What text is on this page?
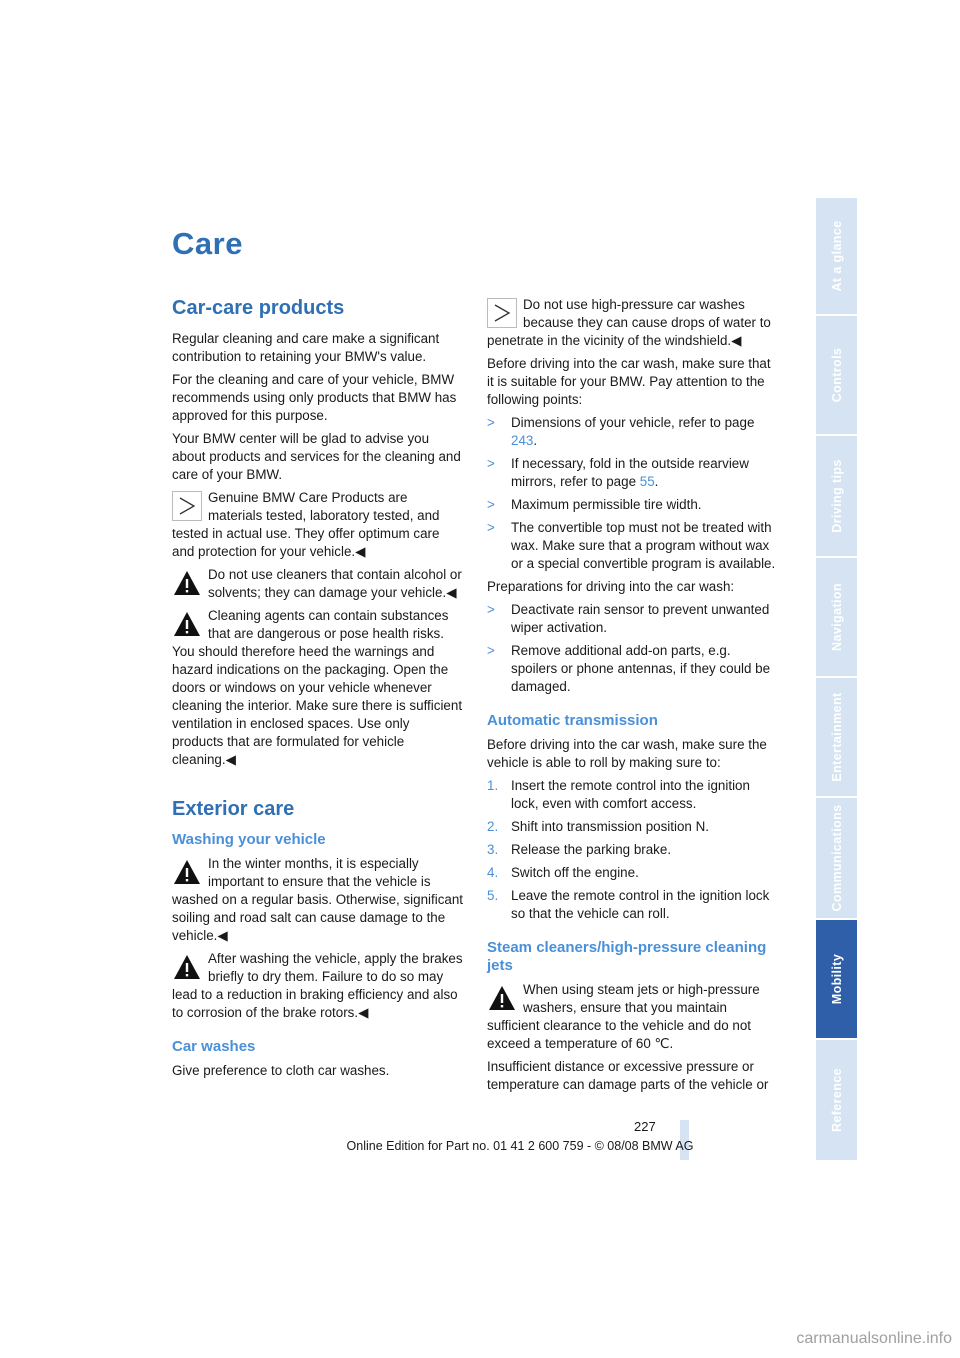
Care
Car-care products

Regular cleaning and care make a significant contribution to retaining your BMW's value.

For the cleaning and care of your vehicle, BMW recommends using only products that BMW has approved for this purpose.

Your BMW center will be glad to advise you about products and services for the cleaning and care of your BMW.

Genuine BMW Care Products are materials tested, laboratory tested, and tested in actual use. They offer optimum care and protection for your vehicle.◀
Do not use cleaners that contain alcohol or solvents; they can damage your vehicle.◀
Cleaning agents can contain substances that are dangerous or pose health risks. You should therefore heed the warnings and hazard indications on the packaging. Open the doors or windows on your vehicle whenever cleaning the interior. Make sure there is sufficient ventilation in enclosed spaces. Use only products that are formulated for vehicle cleaning.◀
Exterior care
Washing your vehicle
In the winter months, it is especially important to ensure that the vehicle is washed on a regular basis. Otherwise, significant soiling and road salt can cause damage to the vehicle.◀
After washing the vehicle, apply the brakes briefly to dry them. Failure to do so may lead to a reduction in braking efficiency and also to corrosion of the brake rotors.◀
Car washes

Give preference to cloth car washes.

Do not use high-pressure car washes because they can cause drops of water to penetrate in the vicinity of the windshield.◀

Before driving into the car wash, make sure that it is suitable for your BMW. Pay attention to the following points:

> Dimensions of your vehicle, refer to page 243.
> If necessary, fold in the outside rearview mirrors, refer to page 55.
> Maximum permissible tire width.
> The convertible top must not be treated with wax. Make sure that a program without wax or a special convertible program is available.

Preparations for driving into the car wash:

> Deactivate rain sensor to prevent unwanted wiper activation.
> Remove additional add-on parts, e.g. spoilers or phone antennas, if they could be damaged.
Automatic transmission

Before driving into the car wash, make sure the vehicle is able to roll by making sure to:

1. Insert the remote control into the ignition lock, even with comfort access.
2. Shift into transmission position N.
3. Release the parking brake.
4. Switch off the engine.
5. Leave the remote control in the ignition lock so that the vehicle can roll.
Steam cleaners/high-pressure cleaning jets
When using steam jets or high-pressure washers, ensure that you maintain sufficient clearance to the vehicle and do not exceed a temperature of 60 ℃.

Insufficient distance or excessive pressure or temperature can damage parts of the vehicle or

At a glance
Controls
Driving tips
Navigation
Entertainment
Communications
Mobility
Reference
227
Online Edition for Part no. 01 41 2 600 759 - © 08/08 BMW AG
carmanualsonline.info
